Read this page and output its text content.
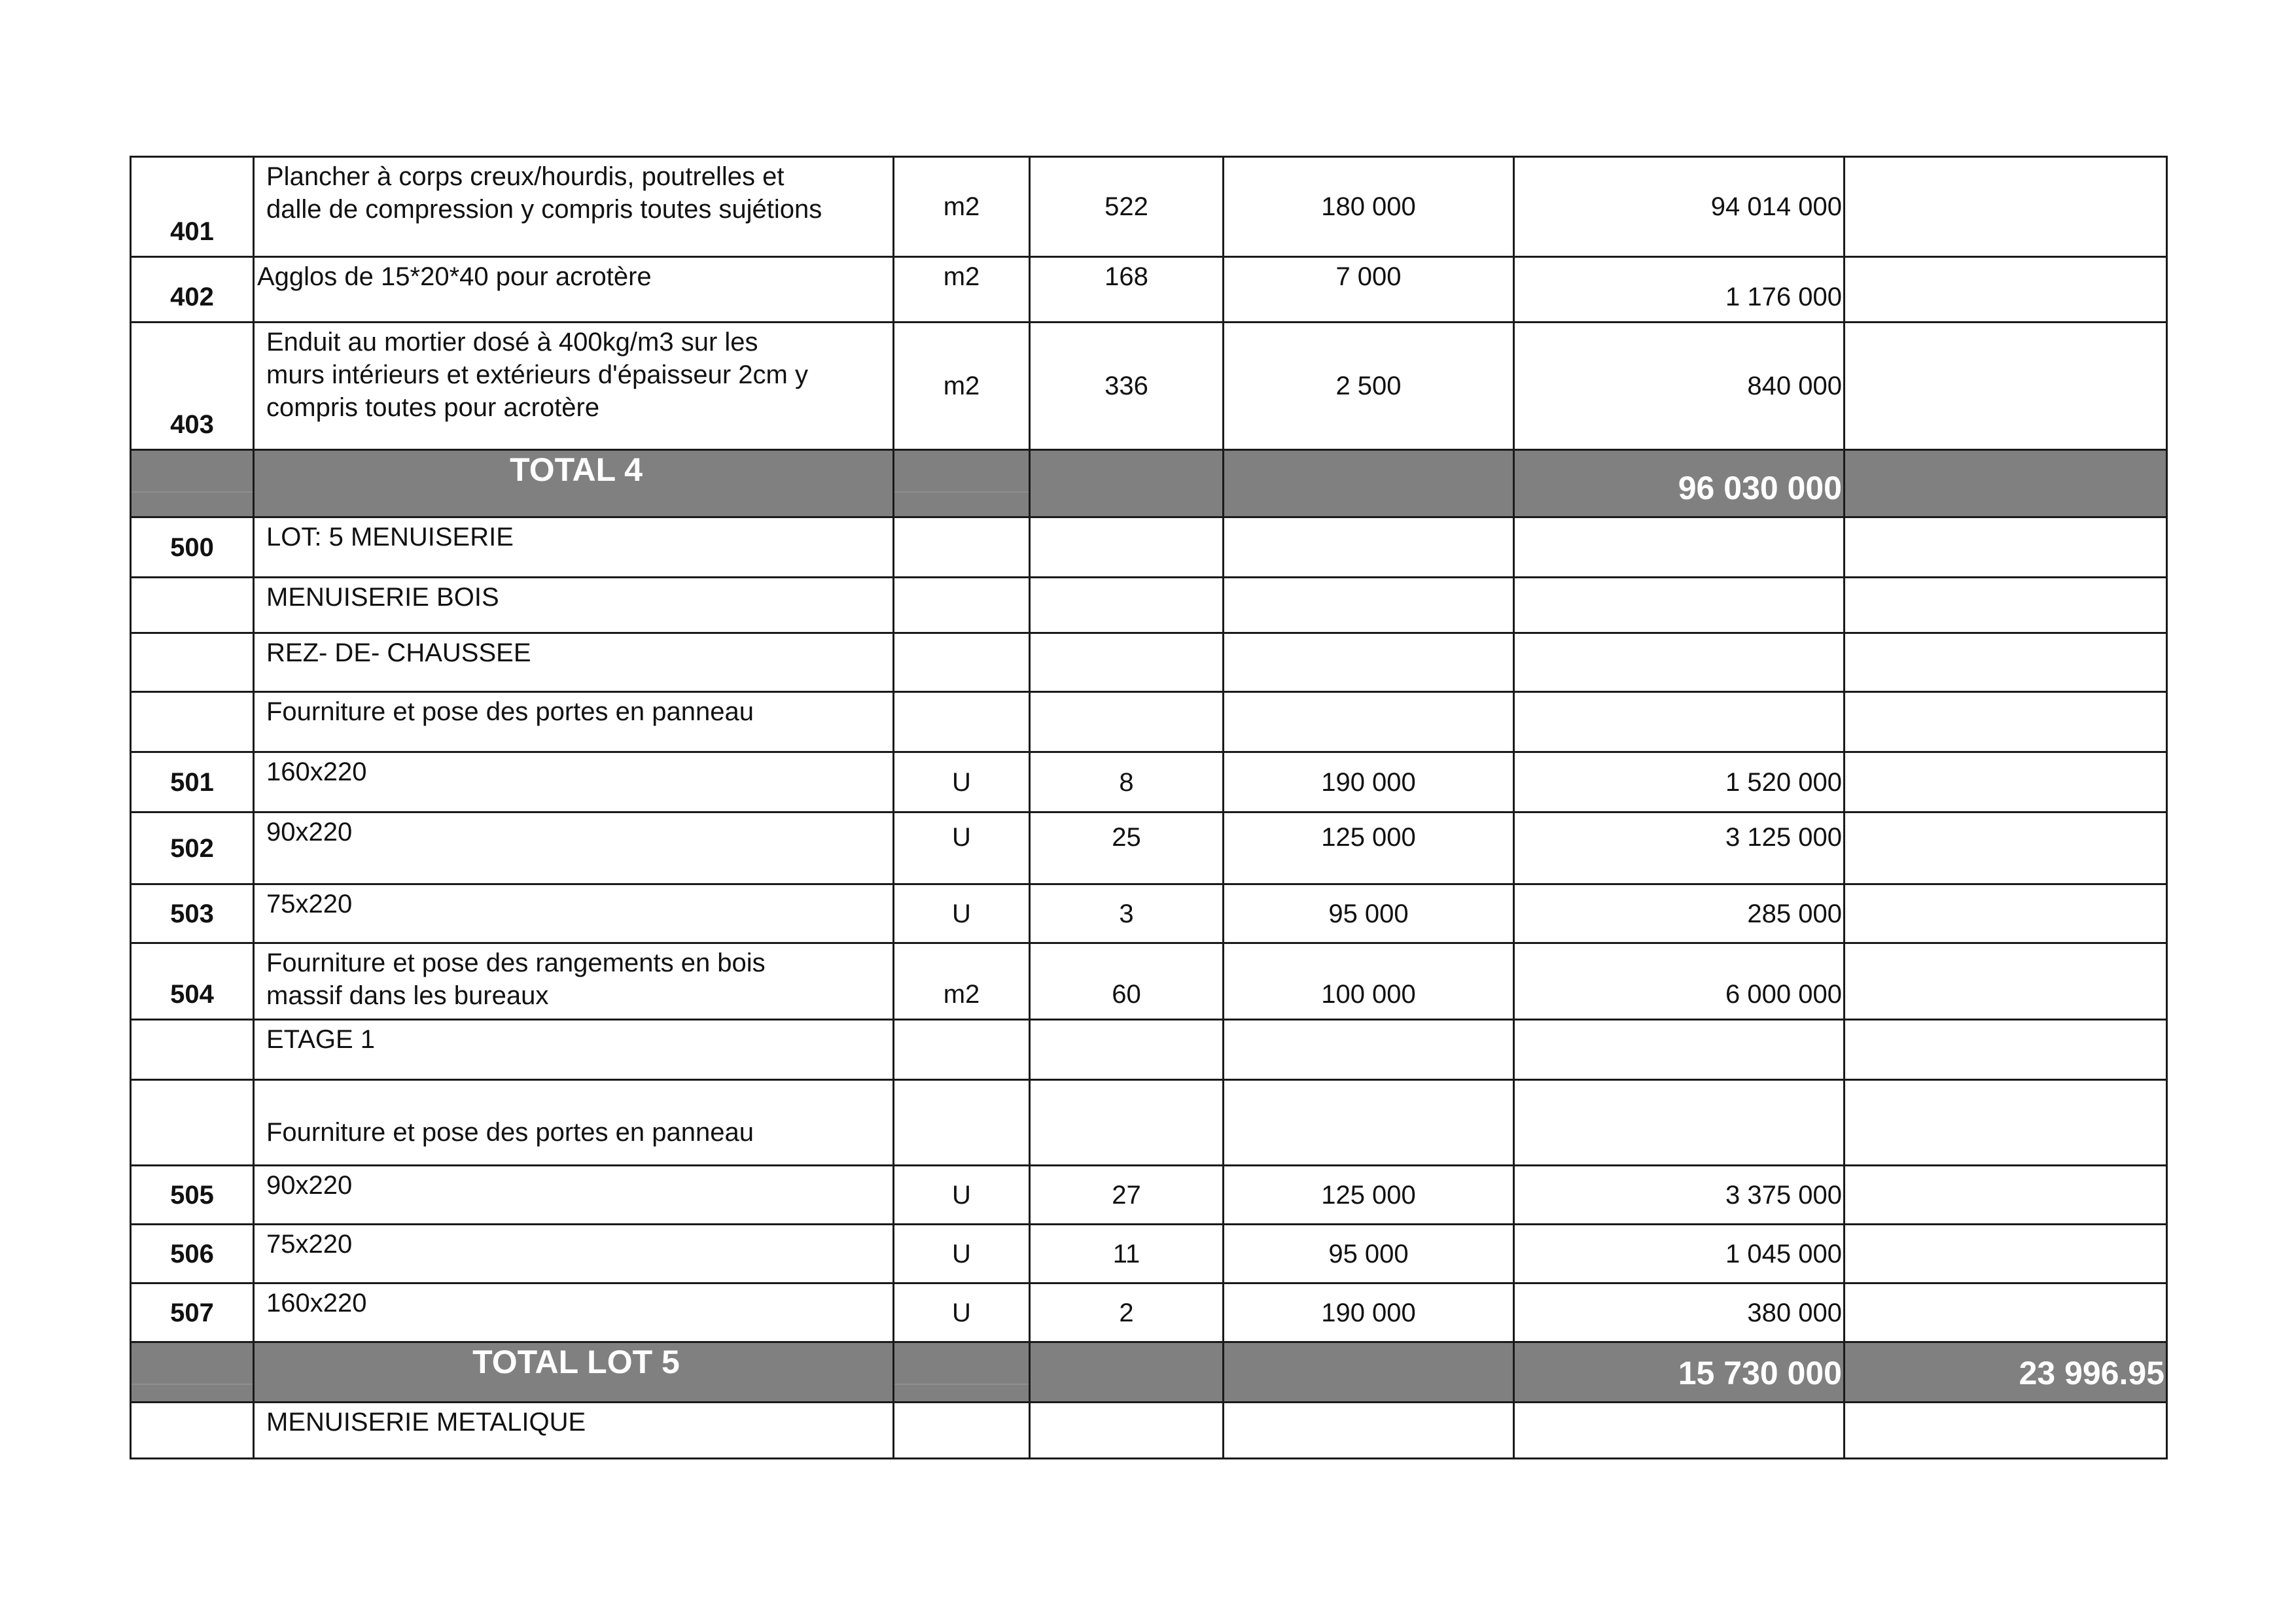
401	Plancher à corps creux/hourdis, poutrelles et
dalle de compression y compris toutes sujétions	m2	522	180 000	94 014 000	
402	Agglos de 15*20*40 pour acrotère	m2	168	7 000	1 176 000	
403	Enduit au mortier dosé à 400kg/m3 sur les
murs intérieurs et extérieurs d'épaisseur 2cm y
compris toutes pour acrotère	m2	336	2 500	840 000	
	TOTAL 4				96 030 000	
500	LOT: 5 MENUISERIE					

	MENUISERIE BOIS					

	REZ- DE- CHAUSSEE					

	Fourniture et pose des portes en panneau					

501	160x220	U	8	190 000	1 520 000	
502	90x220	U	25	125 000	3 125 000	
503	75x220	U	3	95 000	285 000	
504	Fourniture et pose des rangements en bois
massif dans les bureaux	m2	60	100 000	6 000 000	

	ETAGE 1					

	Fourniture et pose des portes en panneau					

505	90x220	U	27	125 000	3 375 000	
506	75x220	U	11	95 000	1 045 000	
507	160x220	U	2	190 000	380 000	
	TOTAL LOT 5				15 730 000	23 996.95

	MENUISERIE METALIQUE					
